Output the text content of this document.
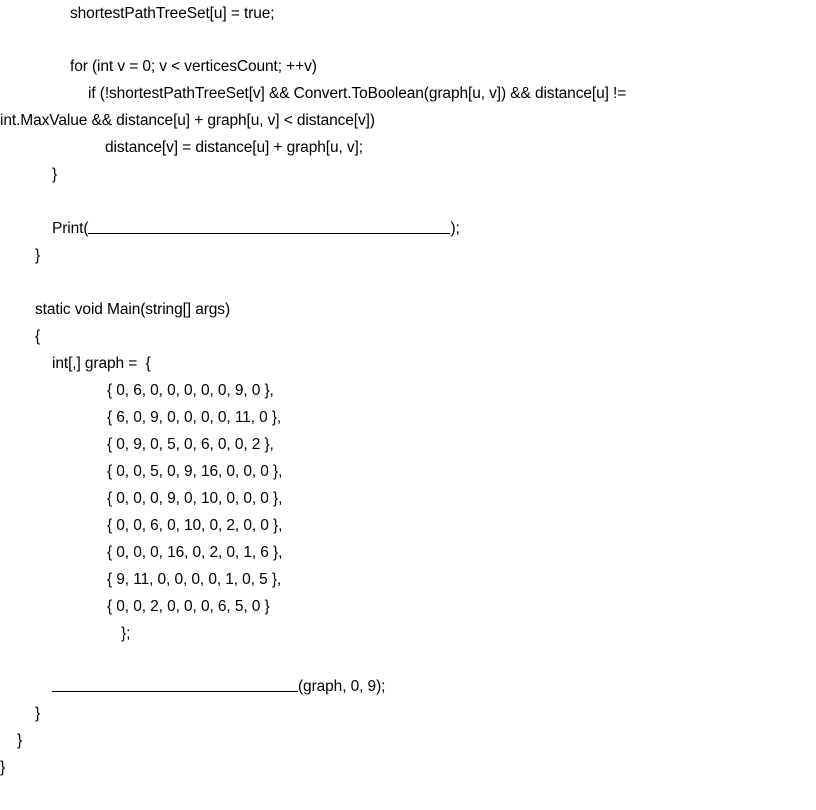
shortestPathTreeSet[u] = true;
for (int v = 0; v < verticesCount; ++v)
if (!shortestPathTreeSet[v] && Convert.ToBoolean(graph[u, v]) && distance[u] !=
int.MaxValue && distance[u] + graph[u, v] < distance[v])
distance[v] = distance[u] + graph[u, v];
}
Print(	);
}
static void Main(string[] args)
{
int[,] graph =  {
{ 0, 6, 0, 0, 0, 0, 0, 9, 0 },
{ 6, 0, 9, 0, 0, 0, 0, 11, 0 },
{ 0, 9, 0, 5, 0, 6, 0, 0, 2 },
{ 0, 0, 5, 0, 9, 16, 0, 0, 0 },
{ 0, 0, 0, 9, 0, 10, 0, 0, 0 },
{ 0, 0, 6, 0, 10, 0, 2, 0, 0 },
{ 0, 0, 0, 16, 0, 2, 0, 1, 6 },
{ 9, 11, 0, 0, 0, 0, 1, 0, 5 },
{ 0, 0, 2, 0, 0, 0, 6, 5, 0 }
};
(graph, 0, 9);
}
}
}
